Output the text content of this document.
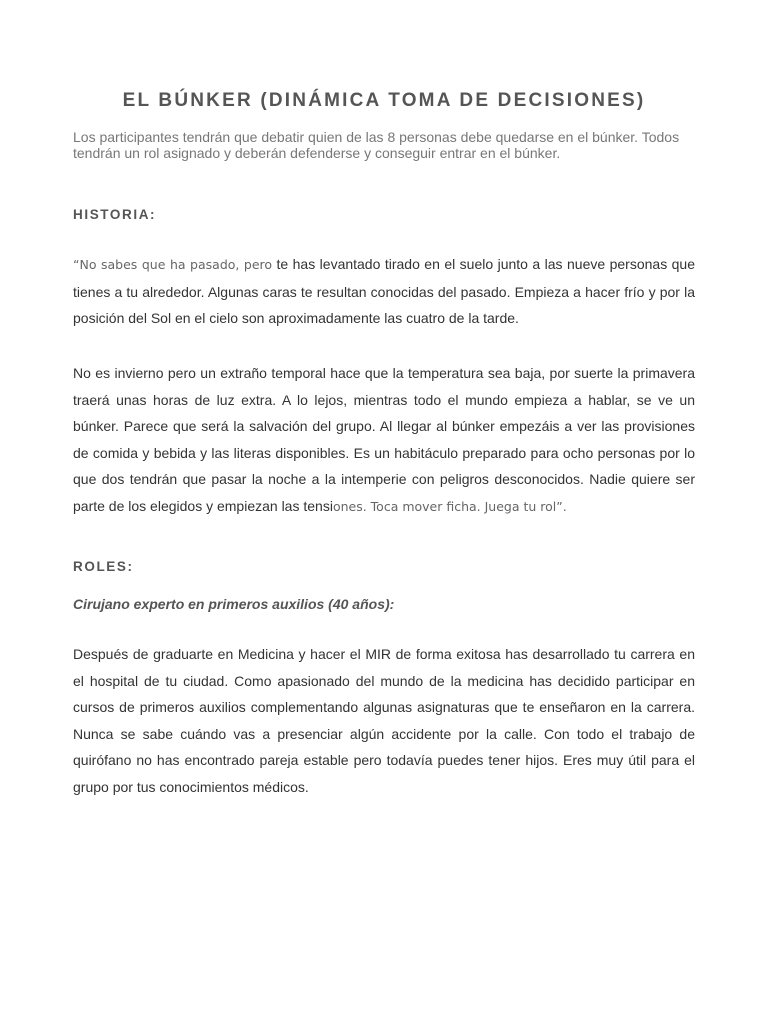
EL BÚNKER (DINÁMICA TOMA DE DECISIONES)
Los participantes tendrán que debatir quien de las 8 personas debe quedarse en el búnker. Todos tendrán un rol asignado y deberán defenderse y conseguir entrar en el búnker.
HISTORIA:
“No sabes que ha pasado, pero te has levantado tirado en el suelo junto a las nueve personas que tienes a tu alrededor. Algunas caras te resultan conocidas del pasado. Empieza a hacer frío y por la posición del Sol en el cielo son aproximadamente las cuatro de la tarde.
No es invierno pero un extraño temporal hace que la temperatura sea baja, por suerte la primavera traerá unas horas de luz extra. A lo lejos, mientras todo el mundo empieza a hablar, se ve un búnker. Parece que será la salvación del grupo. Al llegar al búnker empezáis a ver las provisiones de comida y bebida y las literas disponibles. Es un habitáculo preparado para ocho personas por lo que dos tendrán que pasar la noche a la intemperie con peligros desconocidos. Nadie quiere ser parte de los elegidos y empiezan las tensiones. Toca mover ficha. Juega tu rol”.
ROLES:
Cirujano experto en primeros auxilios (40 años):
Después de graduarte en Medicina y hacer el MIR de forma exitosa has desarrollado tu carrera en el hospital de tu ciudad. Como apasionado del mundo de la medicina has decidido participar en cursos de primeros auxilios complementando algunas asignaturas que te enseñaron en la carrera. Nunca se sabe cuándo vas a presenciar algún accidente por la calle. Con todo el trabajo de quirófano no has encontrado pareja estable pero todavía puedes tener hijos. Eres muy útil para el grupo por tus conocimientos médicos.
